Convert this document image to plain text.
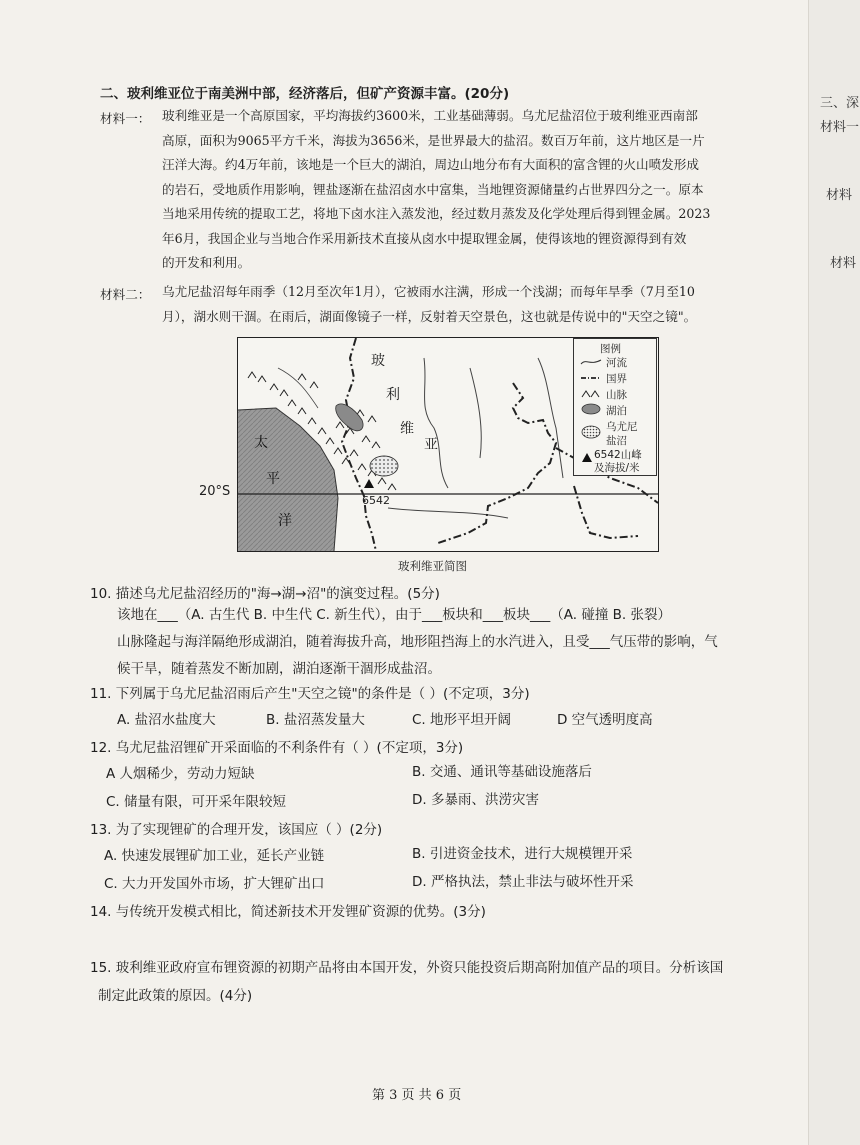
二、玻利维亚位于南美洲中部，经济落后，但矿产资源丰富。(20分)
材料一： 玻利维亚是一个高原国家，平均海拔约3600米，工业基础薄弱。乌尤尼盐沼位于玻利维亚西南部
高原，面积为9065平方千米，海拔为3656米，是世界最大的盐沼。数百万年前，这片地区是一片
汪洋大海。约4万年前，该地是一个巨大的湖泊，周边山地分布有大面积的富含锂的火山喷发形成
的岩石，受地质作用影响，锂盐逐渐在盐沼卤水中富集，当地锂资源储量约占世界四分之一。原本
当地采用传统的提取工艺，将地下卤水注入蒸发池，经过数月蒸发及化学处理后得到锂金属。2023
年6月，我国企业与当地合作采用新技术直接从卤水中提取锂金属，使得该地的锂资源得到有效
的开发和利用。
材料二： 乌尤尼盐沼每年雨季（12月至次年1月），它被雨水注满，形成一个浅湖；而每年旱季（7月至10
月），湖水则干涸。在雨后，湖面像镜子一样，反射着天空景色，这也就是传说中的"天空之镜"。
玻
利
维
亚
太
平
洋
图例
河流
国界
山脉
湖泊
乌尤尼
盐沼
6542山峰
及海拔/米
20°S
6542
玻利维亚简图
10. 描述乌尤尼盐沼经历的"海→湖→沼"的演变过程。(5分)
该地在___（A. 古生代 B. 中生代 C. 新生代），由于___板块和___板块___（A. 碰撞 B. 张裂）
山脉隆起与海洋隔绝形成湖泊，随着海拔升高，地形阻挡海上的水汽进入，且受___气压带的影响，气
候干旱，随着蒸发不断加剧，湖泊逐渐干涸形成盐沼。
11. 下列属于乌尤尼盐沼雨后产生"天空之镜"的条件是（ ）(不定项，3分)
A. 盐沼水盐度大	B. 盐沼蒸发量大	C. 地形平坦开阔	D 空气透明度高
12. 乌尤尼盐沼锂矿开采面临的不利条件有（ ）(不定项，3分)
A 人烟稀少，劳动力短缺	B. 交通、通讯等基础设施落后
C. 储量有限，可开采年限较短	D. 多暴雨、洪涝灾害
13. 为了实现锂矿的合理开发，该国应（ ）(2分)
A. 快速发展锂矿加工业，延长产业链	B. 引进资金技术，进行大规模锂开采
C. 大力开发国外市场，扩大锂矿出口	D. 严格执法，禁止非法与破坏性开采
14. 与传统开发模式相比，简述新技术开发锂矿资源的优势。(3分)
15. 玻利维亚政府宣布锂资源的初期产品将由本国开发，外资只能投资后期高附加值产品的项目。分析该国
制定此政策的原因。(4分)
第 3 页 共 6 页
三、深
材料一
材料
材料
